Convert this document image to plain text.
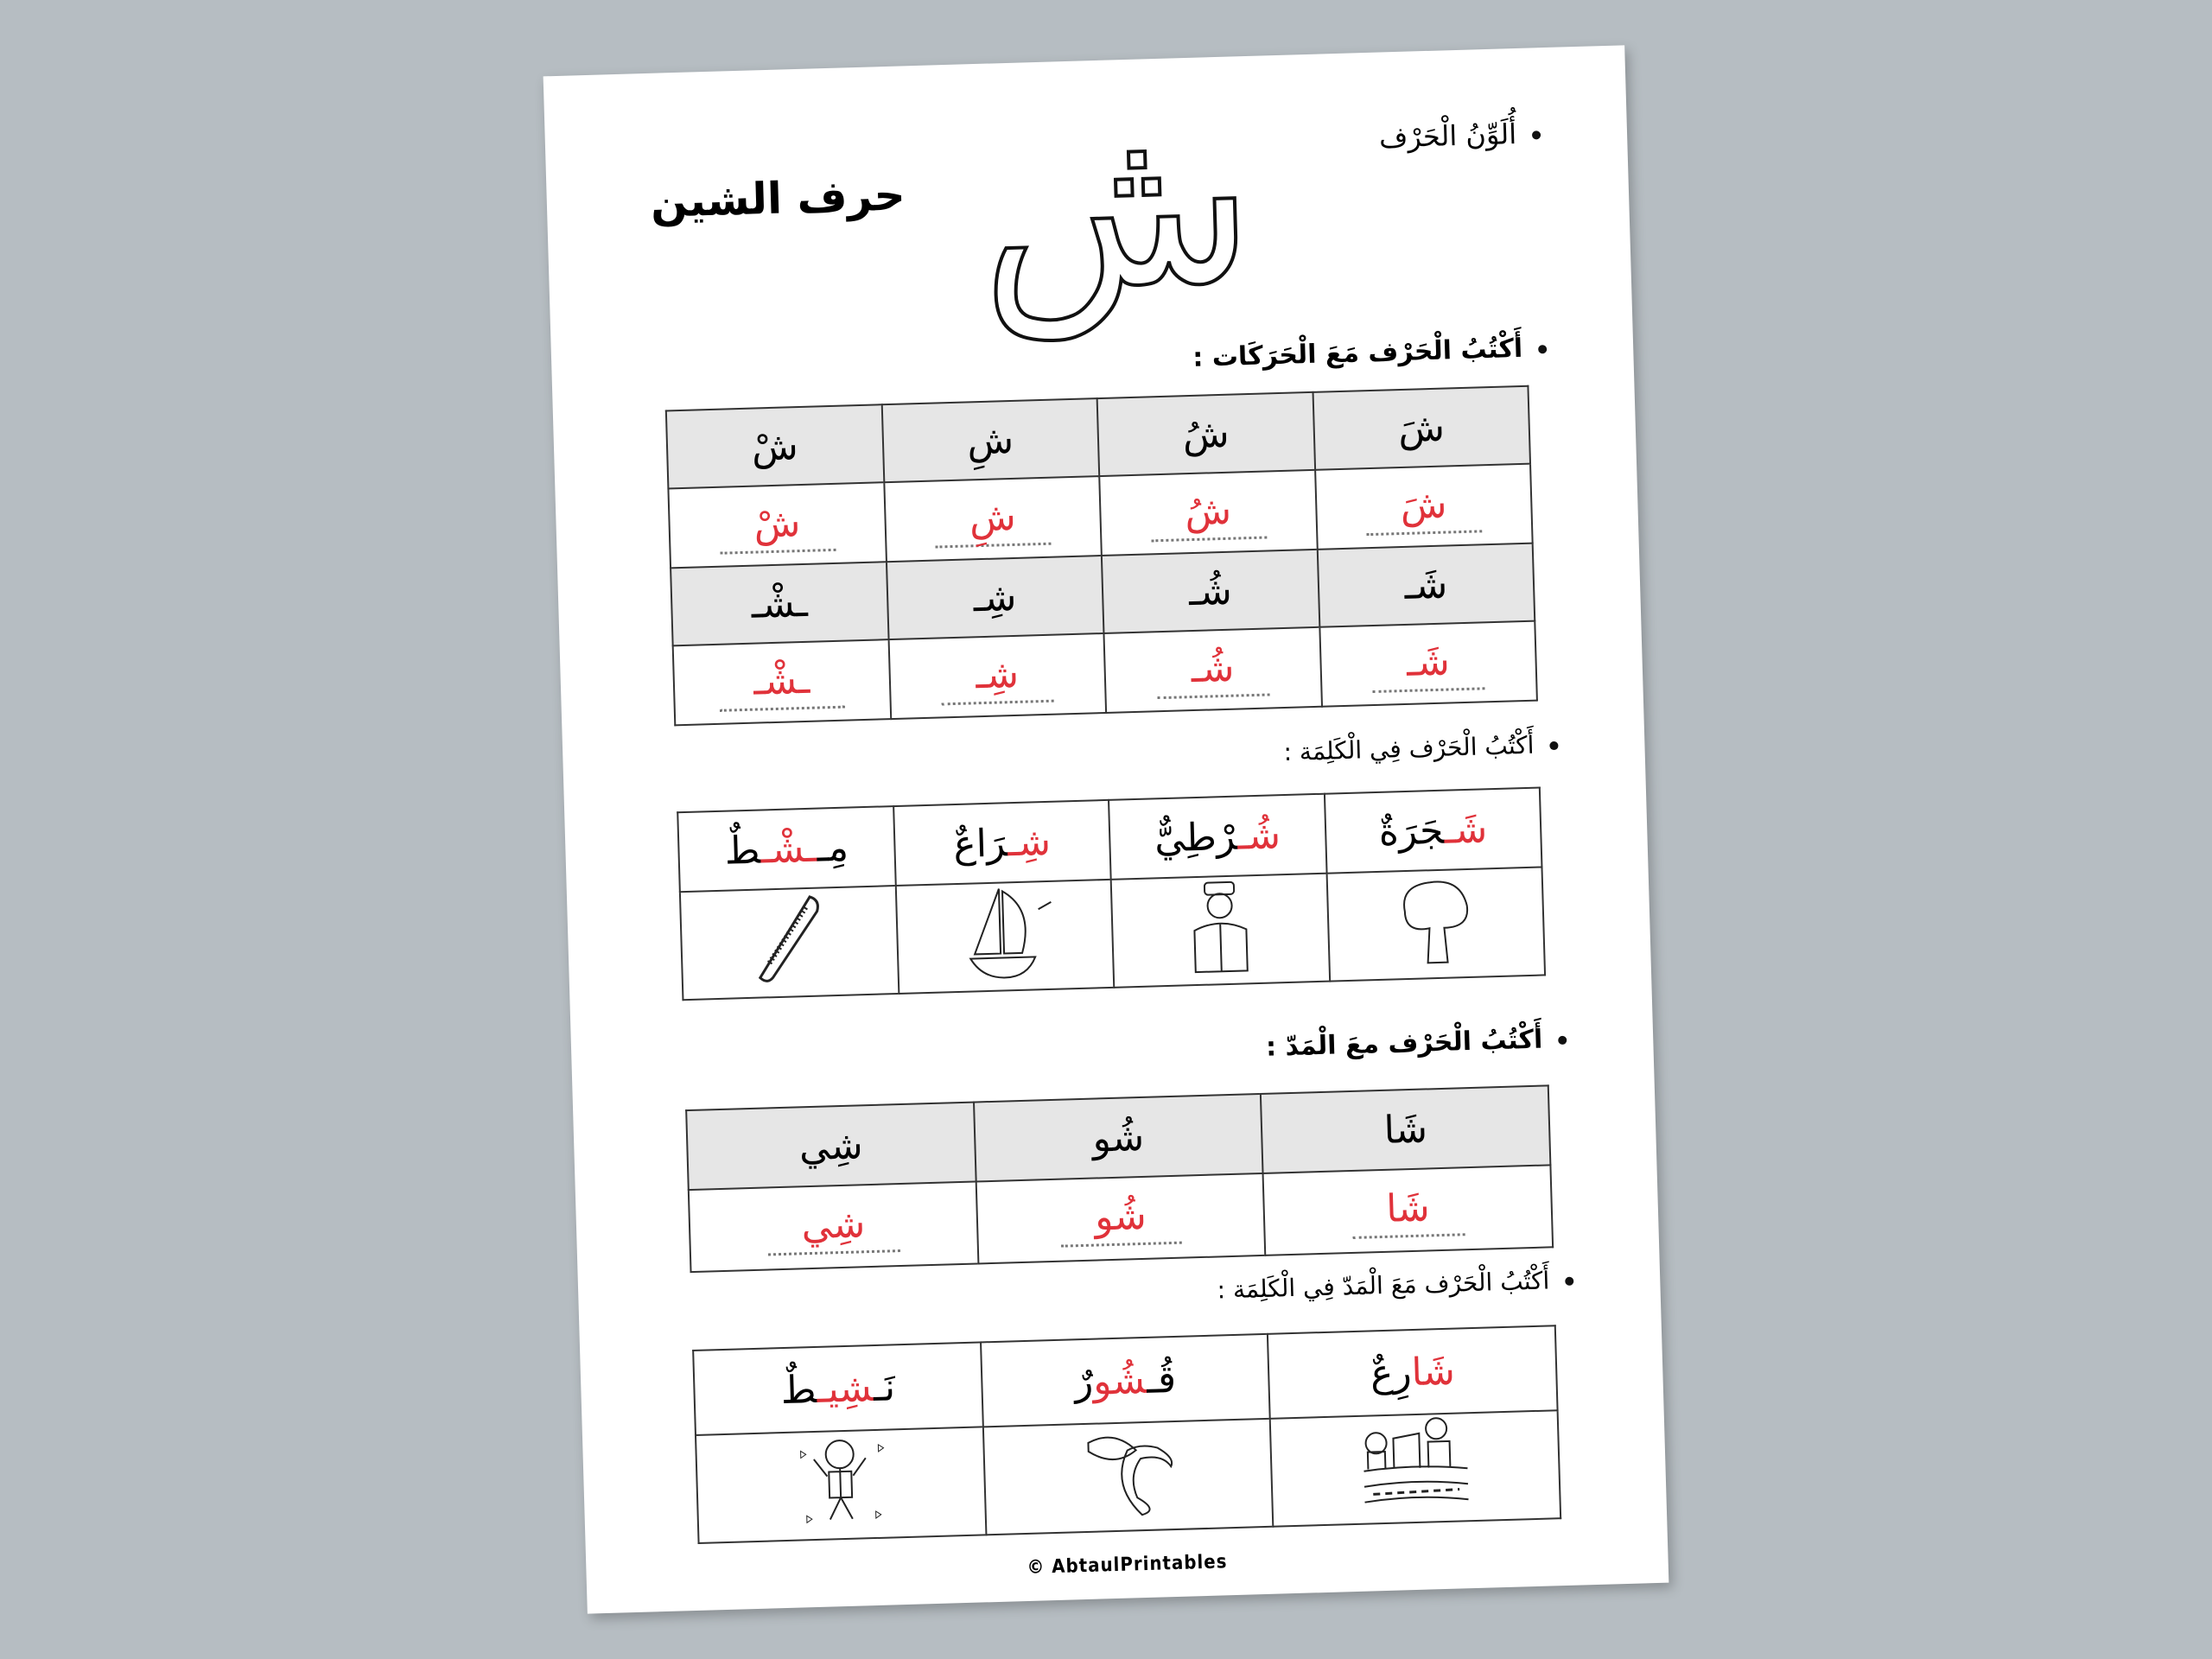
حرف الشين ش	أُلَوِّنُ الْحَرْف
أَكْتُبُ الْحَرْف مَعَ الْحَرَكَات :
شَ	شُ	شِ	شْ
شَ	شُ	شِ	شْ
شَـ	شُـ	شِـ	ـشْـ
شَـ	شُـ	شِـ	ـشْـ
أَكْتُبُ الْحَرْف فِي الْكَلِمَة :
شَـجَرَةٌ	شُـرْطِيٌّ	شِـرَاعٌ	مِــشْـطٌ

أَكْتُبُ الْحَرْف معَ الْمَدّ :
شَا	شُو	شِي
شَا	شُو	شِي
أَكْتُبُ الْحَرْف مَعَ الْمَدّ فِي الْكَلِمَة :
شَارِعٌ	قُـشُورٌ	نَـشِيـطٌ

© AbtaulPrintables
